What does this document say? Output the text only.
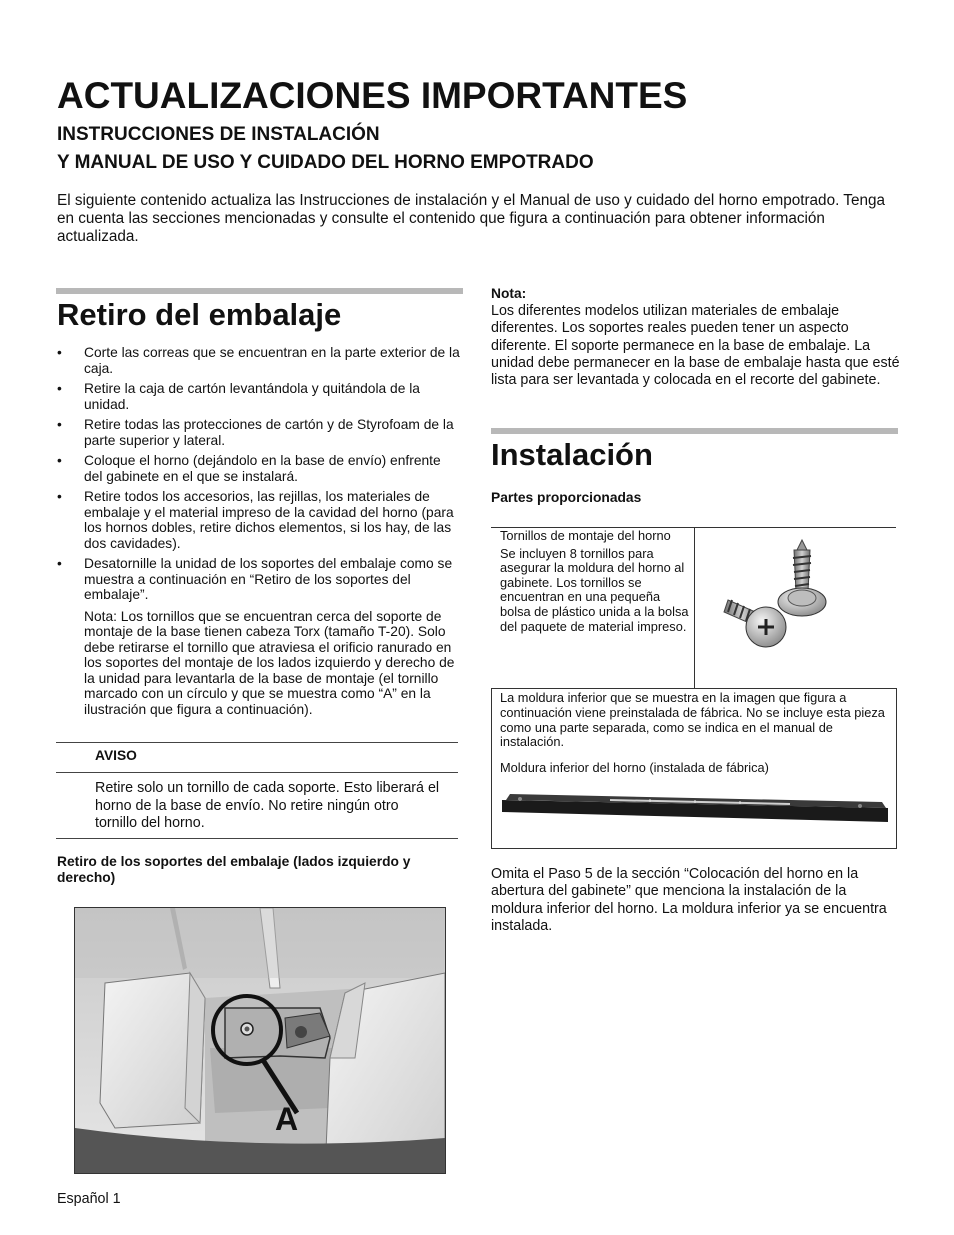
ACTUALIZACIONES IMPORTANTES

INSTRUCCIONES DE INSTALACIÓN

Y MANUAL DE USO Y CUIDADO DEL HORNO EMPOTRADO

El siguiente contenido actualiza las Instrucciones de instalación y el Manual de uso y cuidado del horno empotrado. Tenga en cuenta las secciones mencionadas y consulte el contenido que figura a continuación para obtener información actualizada.

Retiro del embalaje
• Corte las correas que se encuentran en la parte exterior de la caja.
• Retire la caja de cartón levantándola y quitándola de la unidad.
• Retire todas las protecciones de cartón y de Styrofoam de la parte superior y lateral.
• Coloque el horno (dejándolo en la base de envío) enfrente del gabinete en el que se instalará.
• Retire todos los accesorios, las rejillas, los materiales de embalaje y el material impreso de la cavidad del horno (para los hornos dobles, retire dichos elementos, si los hay, de las dos cavidades).
• Desatornille la unidad de los soportes del embalaje como se muestra a continuación en “Retiro de los soportes del embalaje”.

Nota: Los tornillos que se encuentran cerca del soporte de montaje de la base tienen cabeza Torx (tamaño T-20). Solo debe retirarse el tornillo que atraviesa el orificio ranurado en los soportes del montaje de los lados izquierdo y derecho de la unidad para levantarla de la base de montaje (el tornillo marcado con un círculo y que se muestra como “A” en la ilustración que figura a continuación).

AVISO
Retire solo un tornillo de cada soporte. Esto liberará el horno de la base de envío. No retire ningún otro tornillo del horno.
Retiro de los soportes del embalaje (lados izquierdo y derecho)
A
Nota:
Los diferentes modelos utilizan materiales de embalaje diferentes. Los soportes reales pueden tener un aspecto diferente. El soporte permanece en la base de embalaje. La unidad debe permanecer en la base de embalaje hasta que esté lista para ser levantada y colocada en el recorte del gabinete.
Instalación
Partes proporcionadas
Tornillos de montaje del horno
Se incluyen 8 tornillos para asegurar la moldura del horno al gabinete. Los tornillos se encuentran en una pequeña bolsa de plástico unida a la bolsa del paquete de material impreso.
La moldura inferior que se muestra en la imagen que figura a continuación viene preinstalada de fábrica. No se incluye esta pieza como una parte separada, como se indica en el manual de instalación.
Moldura inferior del horno (instalada de fábrica)
Omita el Paso 5 de la sección “Colocación del horno en la abertura del gabinete” que menciona la instalación de la moldura inferior del horno. La moldura inferior ya se encuentra instalada.
Español 1
